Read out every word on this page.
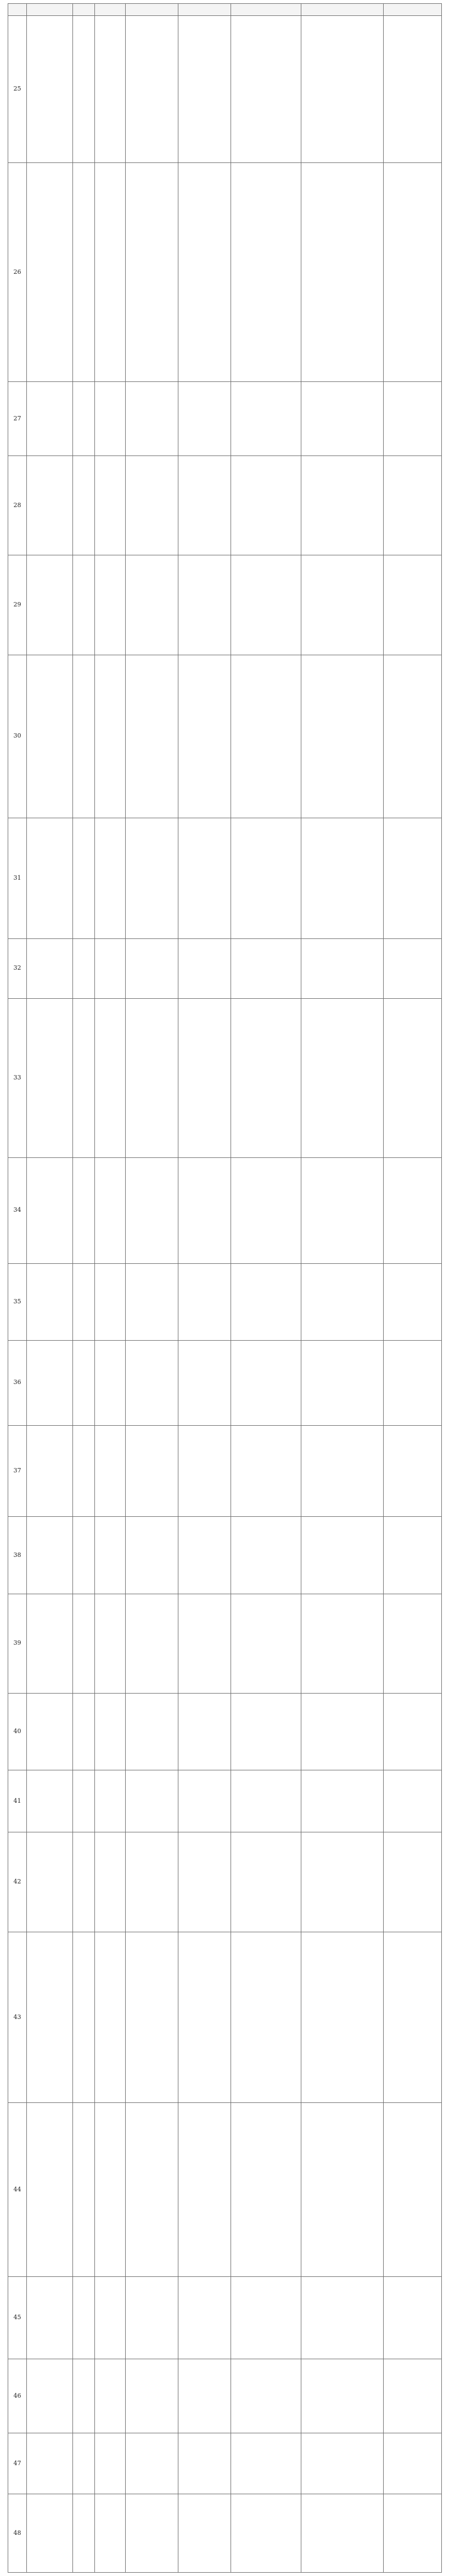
25	

26	

27	

28	

29	

30	

31	

32	

33	

34	

35	

36	

37	

38	

39	

40	

41	

42	

43	

44	

45	

46	

47	

48	
